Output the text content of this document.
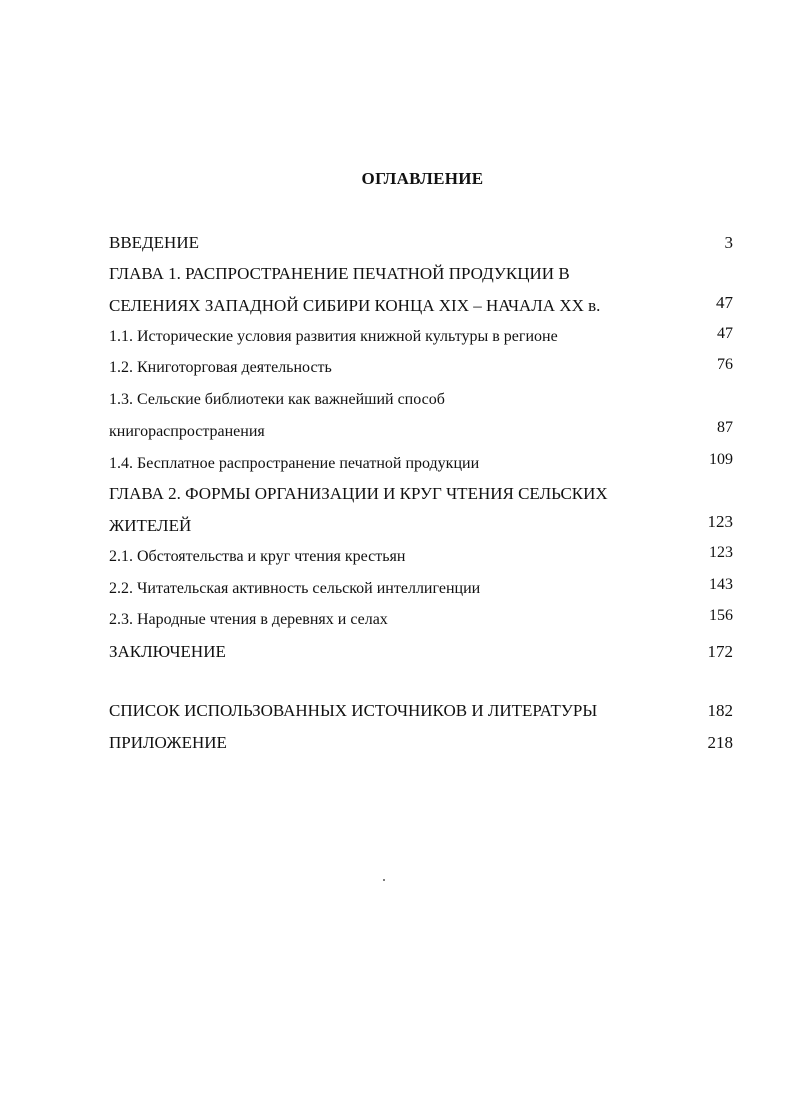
ОГЛАВЛЕНИЕ
ВВЕДЕНИЕ	3
ГЛАВА 1. РАСПРОСТРАНЕНИЕ ПЕЧАТНОЙ ПРОДУКЦИИ В
СЕЛЕНИЯХ ЗАПАДНОЙ СИБИРИ КОНЦА XIX – НАЧАЛА XX в.	47
1.1. Исторические условия развития книжной культуры в регионе	47
1.2. Книготорговая деятельность	76
1.3. Сельские библиотеки как важнейший способ
книгораспространения	87
1.4. Бесплатное распространение печатной продукции	109
ГЛАВА 2. ФОРМЫ ОРГАНИЗАЦИИ И КРУГ ЧТЕНИЯ СЕЛЬСКИХ
ЖИТЕЛЕЙ	123
2.1. Обстоятельства и круг чтения крестьян	123
2.2. Читательская активность сельской интеллигенции	143
2.3. Народные чтения в деревнях и селах	156
ЗАКЛЮЧЕНИЕ	172
СПИСОК ИСПОЛЬЗОВАННЫХ ИСТОЧНИКОВ И ЛИТЕРАТУРЫ	182
ПРИЛОЖЕНИЕ	218
